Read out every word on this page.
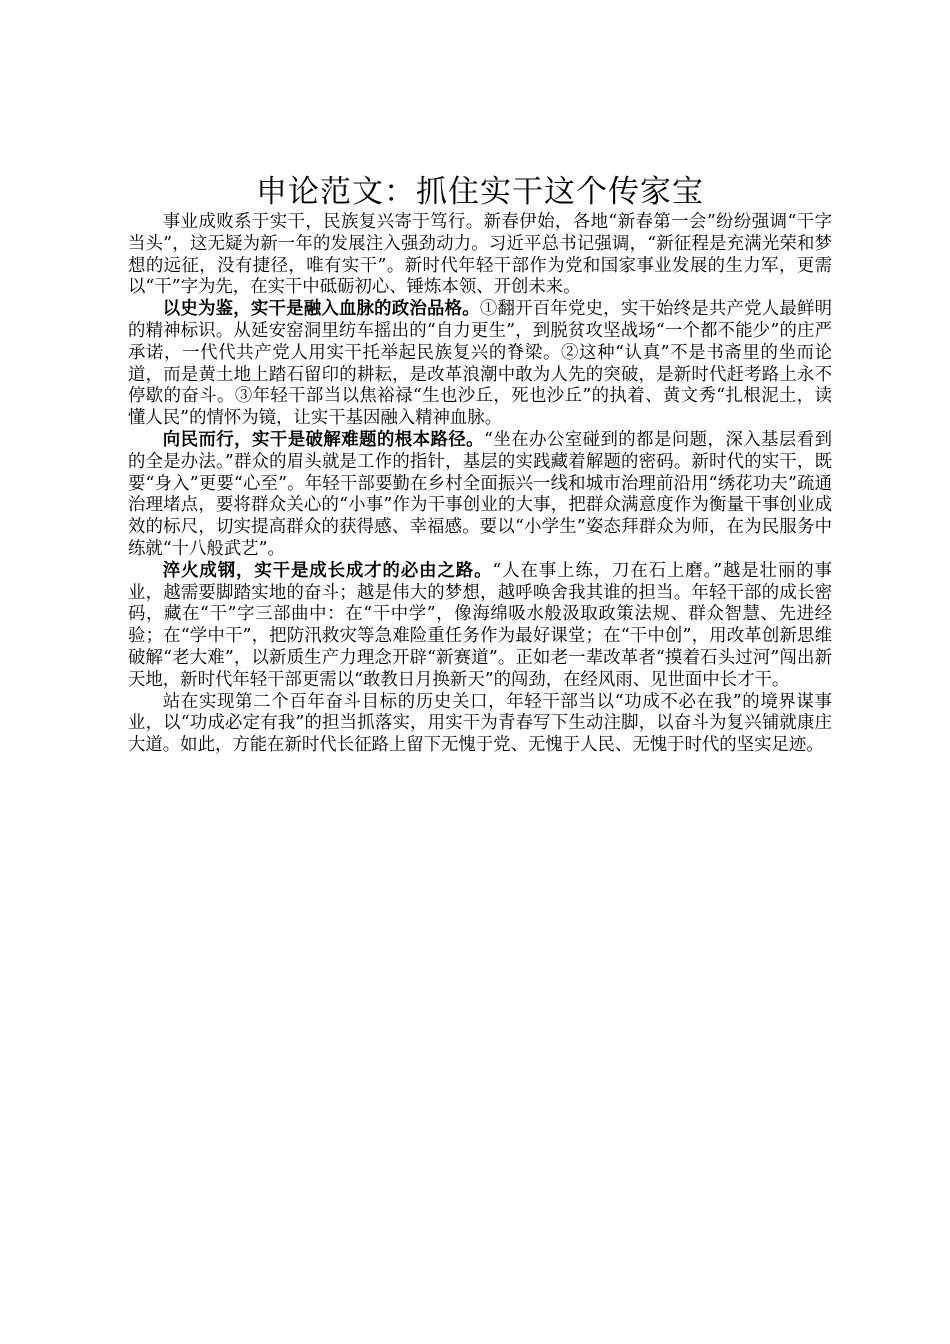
申论范文：抓住实干这个传家宝

事业成败系于实干，民族复兴寄于笃行。新春伊始，各地“新春第一会”纷纷强调“干字当头”，这无疑为新一年的发展注入强劲动力。习近平总书记强调，“新征程是充满光荣和梦想的远征，没有捷径，唯有实干”。新时代年轻干部作为党和国家事业发展的生力军，更需以“干”字为先，在实干中砥砺初心、锤炼本领、开创未来。

以史为鉴，实干是融入血脉的政治品格。①翻开百年党史，实干始终是共产党人最鲜明的精神标识。从延安窑洞里纺车摇出的“自力更生”，到脱贫攻坚战场“一个都不能少”的庄严承诺，一代代共产党人用实干托举起民族复兴的脊梁。②这种“认真”不是书斋里的坐而论道，而是黄土地上踏石留印的耕耘，是改革浪潮中敢为人先的突破，是新时代赶考路上永不停歇的奋斗。③年轻干部当以焦裕禄“生也沙丘，死也沙丘”的执着、黄文秀“扎根泥土，读懂人民”的情怀为镜，让实干基因融入精神血脉。

向民而行，实干是破解难题的根本路径。“坐在办公室碰到的都是问题，深入基层看到的全是办法。”群众的眉头就是工作的指针，基层的实践藏着解题的密码。新时代的实干，既要“身入”更要“心至”。年轻干部要勤在乡村全面振兴一线和城市治理前沿用“绣花功夫”疏通治理堵点，要将群众关心的“小事”作为干事创业的大事，把群众满意度作为衡量干事创业成效的标尺，切实提高群众的获得感、幸福感。要以“小学生”姿态拜群众为师，在为民服务中练就“十八般武艺”。

淬火成钢，实干是成长成才的必由之路。“人在事上练，刀在石上磨。”越是壮丽的事业，越需要脚踏实地的奋斗；越是伟大的梦想，越呼唤舍我其谁的担当。年轻干部的成长密码，藏在“干”字三部曲中：在“干中学”，像海绵吸水般汲取政策法规、群众智慧、先进经验；在“学中干”，把防汛救灾等急难险重任务作为最好课堂；在“干中创”，用改革创新思维破解“老大难”，以新质生产力理念开辟“新赛道”。正如老一辈改革者“摸着石头过河”闯出新天地，新时代年轻干部更需以“敢教日月换新天”的闯劲，在经风雨、见世面中长才干。

站在实现第二个百年奋斗目标的历史关口，年轻干部当以“功成不必在我”的境界谋事业，以“功成必定有我”的担当抓落实，用实干为青春写下生动注脚，以奋斗为复兴铺就康庄大道。如此，方能在新时代长征路上留下无愧于党、无愧于人民、无愧于时代的坚实足迹。
